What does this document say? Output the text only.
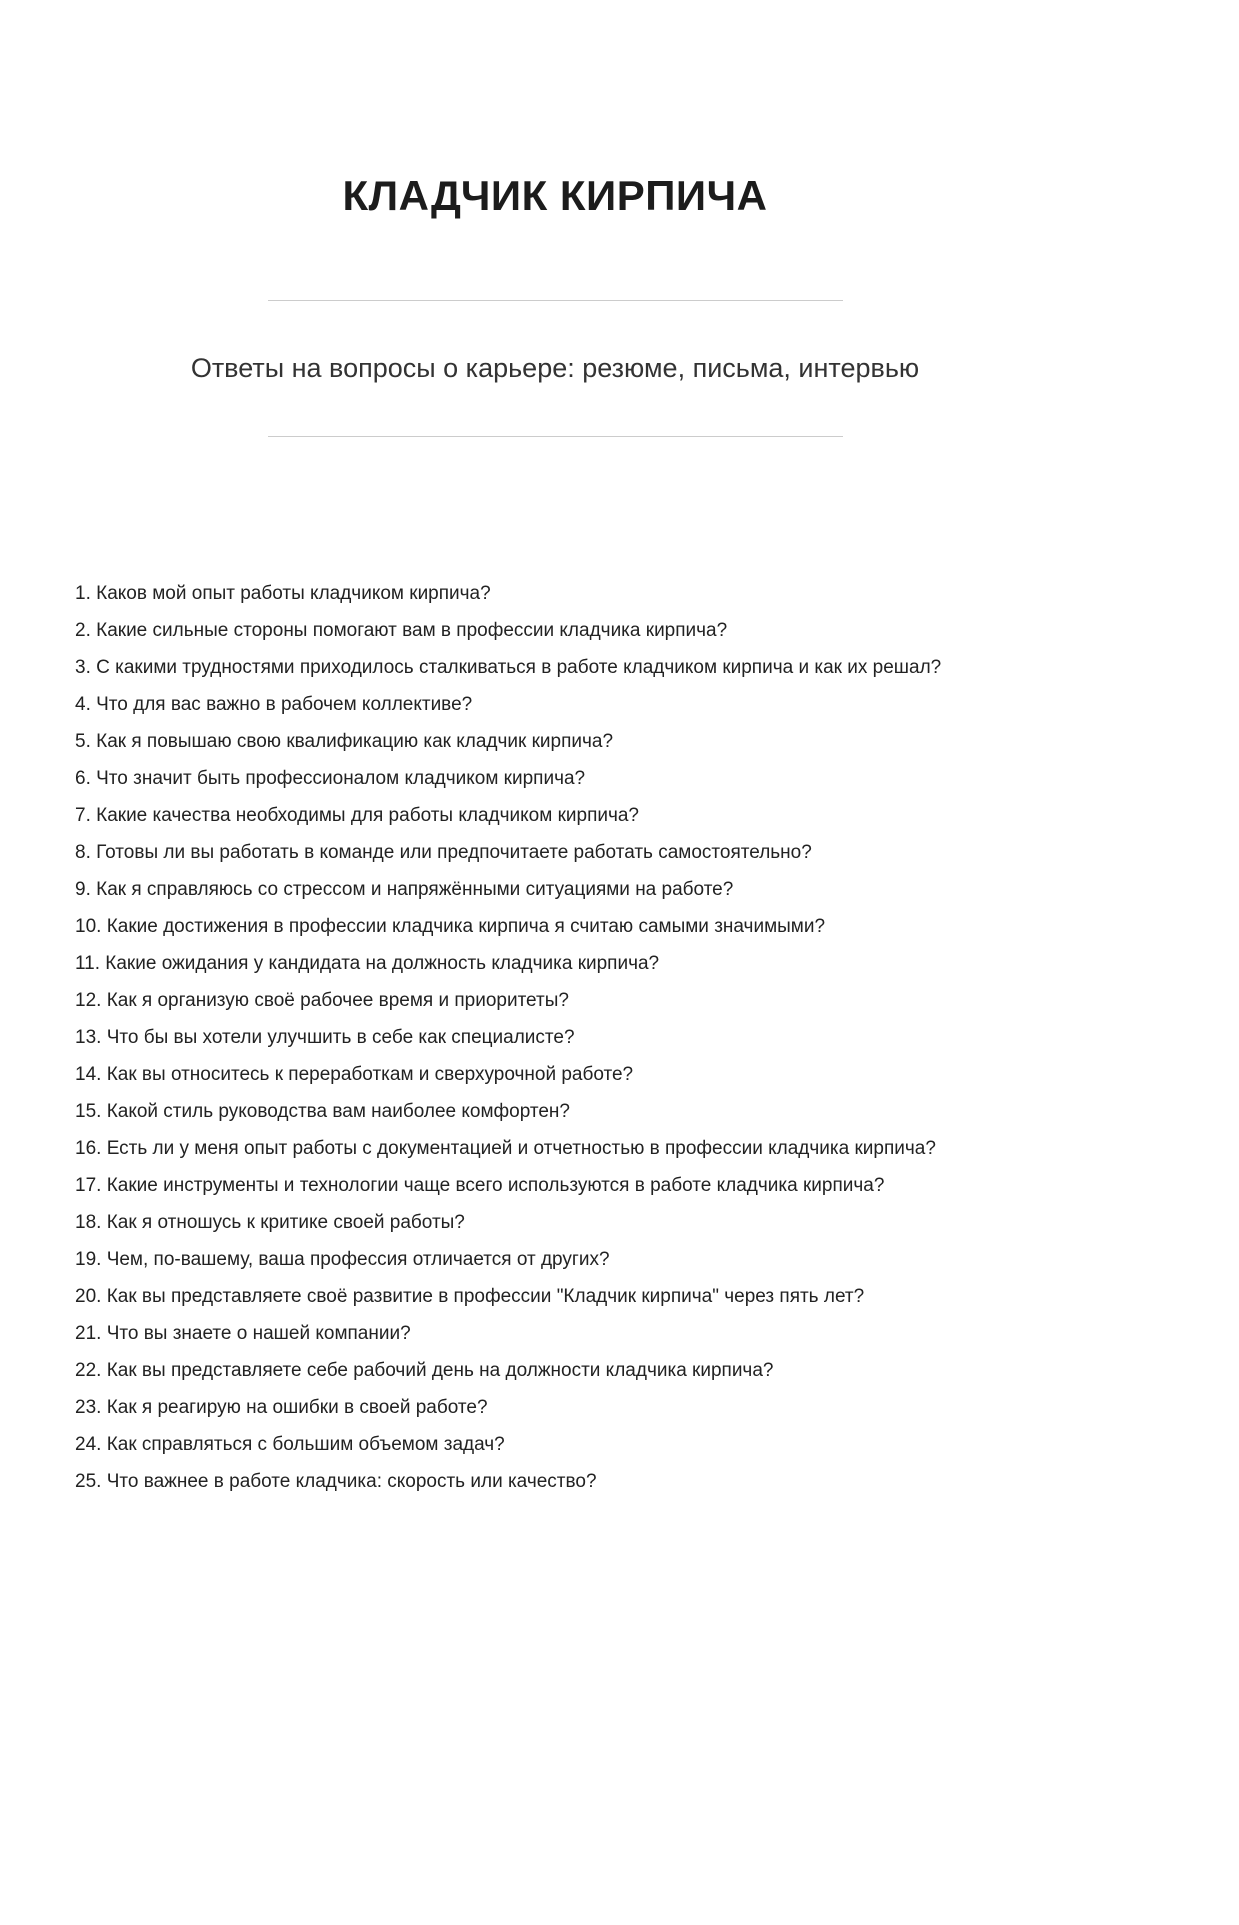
КЛАДЧИК КИРПИЧА
Ответы на вопросы о карьере: резюме, письма, интервью

1. Каков мой опыт работы кладчиком кирпича?

2. Какие сильные стороны помогают вам в профессии кладчика кирпича?

3. С какими трудностями приходилось сталкиваться в работе кладчиком кирпича и как их решал?

4. Что для вас важно в рабочем коллективе?

5. Как я повышаю свою квалификацию как кладчик кирпича?

6. Что значит быть профессионалом кладчиком кирпича?

7. Какие качества необходимы для работы кладчиком кирпича?

8. Готовы ли вы работать в команде или предпочитаете работать самостоятельно?

9. Как я справляюсь со стрессом и напряжёнными ситуациями на работе?

10. Какие достижения в профессии кладчика кирпича я считаю самыми значимыми?

11. Какие ожидания у кандидата на должность кладчика кирпича?

12. Как я организую своё рабочее время и приоритеты?

13. Что бы вы хотели улучшить в себе как специалисте?

14. Как вы относитесь к переработкам и сверхурочной работе?

15. Какой стиль руководства вам наиболее комфортен?

16. Есть ли у меня опыт работы с документацией и отчетностью в профессии кладчика кирпича?

17. Какие инструменты и технологии чаще всего используются в работе кладчика кирпича?

18. Как я отношусь к критике своей работы?

19. Чем, по-вашему, ваша профессия отличается от других?

20. Как вы представляете своё развитие в профессии "Кладчик кирпича" через пять лет?

21. Что вы знаете о нашей компании?

22. Как вы представляете себе рабочий день на должности кладчика кирпича?

23. Как я реагирую на ошибки в своей работе?

24. Как справляться с большим объемом задач?

25. Что важнее в работе кладчика: скорость или качество?
